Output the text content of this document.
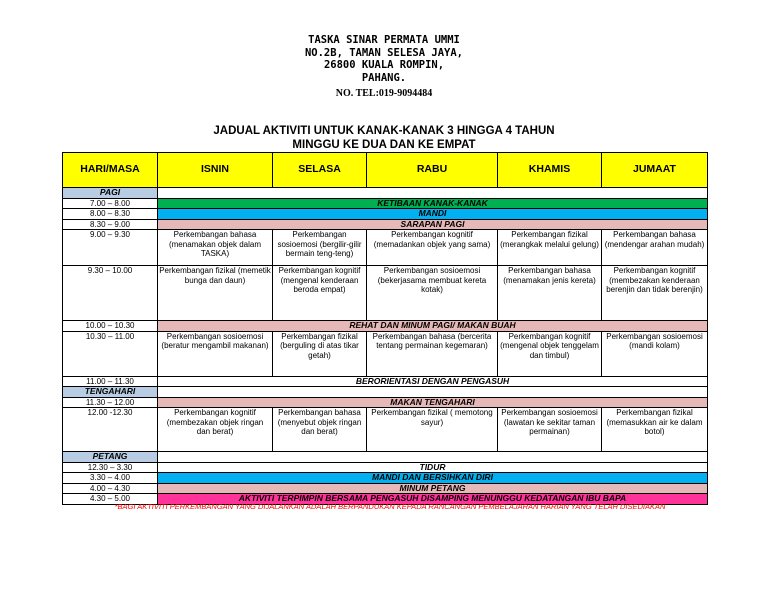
TASKA SINAR PERMATA UMMI
NO.2B, TAMAN SELESA JAYA,
26800 KUALA ROMPIN,
PAHANG.
NO. TEL:019-9094484
JADUAL AKTIVITI UNTUK KANAK-KANAK 3 HINGGA 4 TAHUN
MINGGU KE DUA DAN KE EMPAT
HARI/MASA	ISNIN	SELASA	RABU	KHAMIS	JUMAAT
PAGI					
7.00 – 8.00	KETIBAAN KANAK-KANAK				
8.00 – 8.30	MANDI				
8.30 – 9.00	SARAPAN PAGI				
9.00 – 9.30	Perkembangan bahasa (menamakan objek dalam TASKA)	Perkembangan sosioemosi (bergilir-gilir bermain teng-teng)	Perkembangan kognitif (memadankan objek yang sama)	Perkembangan fizikal (merangkak melalui gelung)	Perkembangan bahasa (mendengar arahan mudah)
9.30 – 10.00	Perkembangan fizikal (memetik bunga dan daun)	Perkembangan kognitif (mengenal kenderaan beroda empat)	Perkembangan sosioemosi (bekerjasama membuat kereta kotak)	Perkembangan bahasa (menamakan jenis kereta)	Perkembangan kognitif (membezakan kenderaan berenjin dan tidak berenjin)
10.00 – 10.30	REHAT DAN MINUM PAGI/ MAKAN BUAH				
10.30 – 11.00	Perkembangan sosioemosi (beratur mengambil makanan)	Perkembangan fizikal (berguling di atas tikar getah)	Perkembangan bahasa (bercerita tentang permainan kegemaran)	Perkembangan kognitif (mengenal objek tenggelam dan timbul)	Perkembangan sosioemosi (mandi kolam)
11.00 – 11.30	BERORIENTASI DENGAN PENGASUH				
TENGAHARI					
11.30 – 12.00	MAKAN TENGAHARI				
12.00 -12.30	Perkembangan kognitif (membezakan objek ringan dan berat)	Perkembangan bahasa (menyebut objek ringan dan berat)	Perkembangan fizikal ( memotong sayur)	Perkembangan sosioemosi (lawatan ke sekitar taman permainan)	Perkembangan fizikal (memasukkan air ke dalam botol)
PETANG					
12.30 – 3.30	TIDUR				
3.30 – 4.00	MANDI DAN BERSIHKAN DIRI				
4.00 – 4.30	MINUM PETANG				
4.30 – 5.00	AKTIVITI TERPIMPIN BERSAMA PENGASUH DISAMPING MENUNGGU KEDATANGAN IBU BAPA				
*BAGI AKTIVITI PERKEMBANGAN YANG DIJALANKAN ADALAH BERPANDUKAN KEPADA RANCANGAN PEMBELAJARAN HARIAN YANG TELAH DISEDIAKAN
